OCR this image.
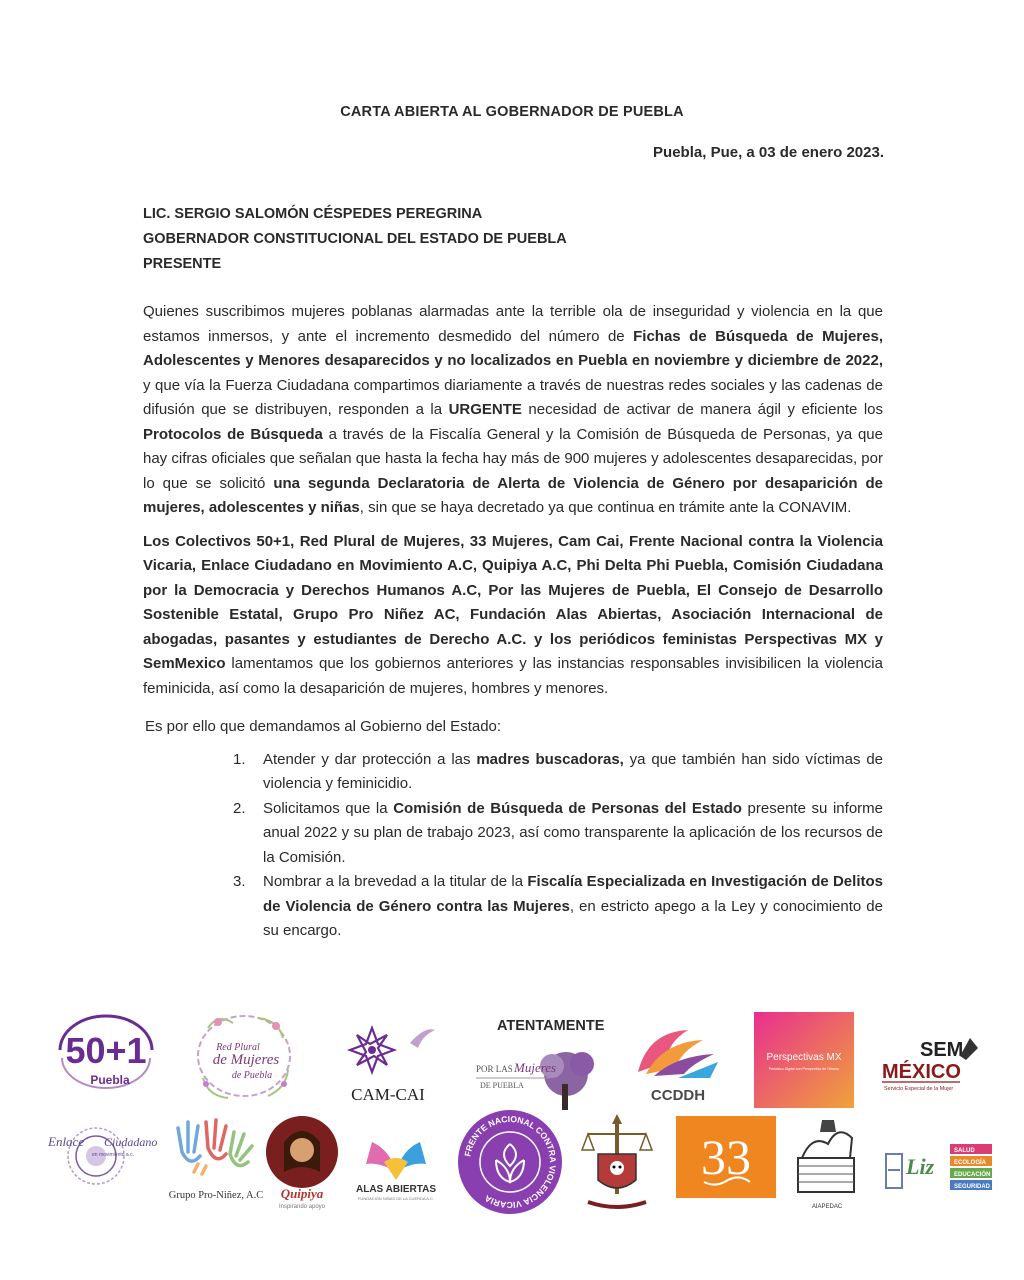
CARTA ABIERTA AL GOBERNADOR DE PUEBLA
Puebla, Pue, a 03 de enero 2023.
LIC. SERGIO SALOMÓN CÉSPEDES PEREGRINA
GOBERNADOR CONSTITUCIONAL DEL ESTADO DE PUEBLA
PRESENTE

Quienes suscribimos mujeres poblanas alarmadas ante la terrible ola de inseguridad y violencia en la que estamos inmersos, y ante el incremento desmedido del número de Fichas de Búsqueda de Mujeres, Adolescentes y Menores desaparecidos y no localizados en Puebla en noviembre y diciembre de 2022, y que vía la Fuerza Ciudadana compartimos diariamente a través de nuestras redes sociales y las cadenas de difusión que se distribuyen, responden a la URGENTE necesidad de activar de manera ágil y eficiente los Protocolos de Búsqueda a través de la Fiscalía General y la Comisión de Búsqueda de Personas, ya que hay cifras oficiales que señalan que hasta la fecha hay más de 900 mujeres y adolescentes desaparecidas, por lo que se solicitó una segunda Declaratoria de Alerta de Violencia de Género por desaparición de mujeres, adolescentes y niñas, sin que se haya decretado ya que continua en trámite ante la CONAVIM.

Los Colectivos 50+1, Red Plural de Mujeres, 33 Mujeres, Cam Cai, Frente Nacional contra la Violencia Vicaria, Enlace Ciudadano en Movimiento A.C, Quipiya A.C, Phi Delta Phi Puebla, Comisión Ciudadana por la Democracia y Derechos Humanos A.C, Por las Mujeres de Puebla, El Consejo de Desarrollo Sostenible Estatal, Grupo Pro Niñez AC, Fundación Alas Abiertas, Asociación Internacional de abogadas, pasantes y estudiantes de Derecho A.C. y los periódicos feministas Perspectivas MX y SemMexico lamentamos que los gobiernos anteriores y las instancias responsables invisibilicen la violencia feminicida, así como la desaparición de mujeres, hombres y menores.

Es por ello que demandamos al Gobierno del Estado:
1. Atender y dar protección a las madres buscadoras, ya que también han sido víctimas de violencia y feminicidio.
2. Solicitamos que la Comisión de Búsqueda de Personas del Estado presente su informe anual 2022 y su plan de trabajo 2023, así como transparente la aplicación de los recursos de la Comisión.
3. Nombrar a la brevedad a la titular de la Fiscalía Especializada en Investigación de Delitos de Violencia de Género contra las Mujeres, en estricto apego a la Ley y conocimiento de su encargo.
ATENTAMENTE
50+1
Puebla
Red Plural
de Mujeres
de Puebla
CAM-CAI
POR LAS Mujeres
DE PUEBLA
CCDDH
Perspectivas MX
Periódico Digital con Perspectiva de Género
SEM
MÉXICO
Servicio Especial de la Mujer
Enlace Ciudadano
en movimiento a.c.
Grupo Pro-Niñez, A.C Quipiya
Inspirando apoyo
ALAS ABIERTAS
FUNDACIÓN NIÑAS DE LA CUERDA A.C.
FRENTE NACIONAL CONTRA VIOLENCIA VICARIA
33
AIAPEDAC
Liz
SALUD
ECOLOGÍA
EDUCACIÓN
SEGURIDAD
